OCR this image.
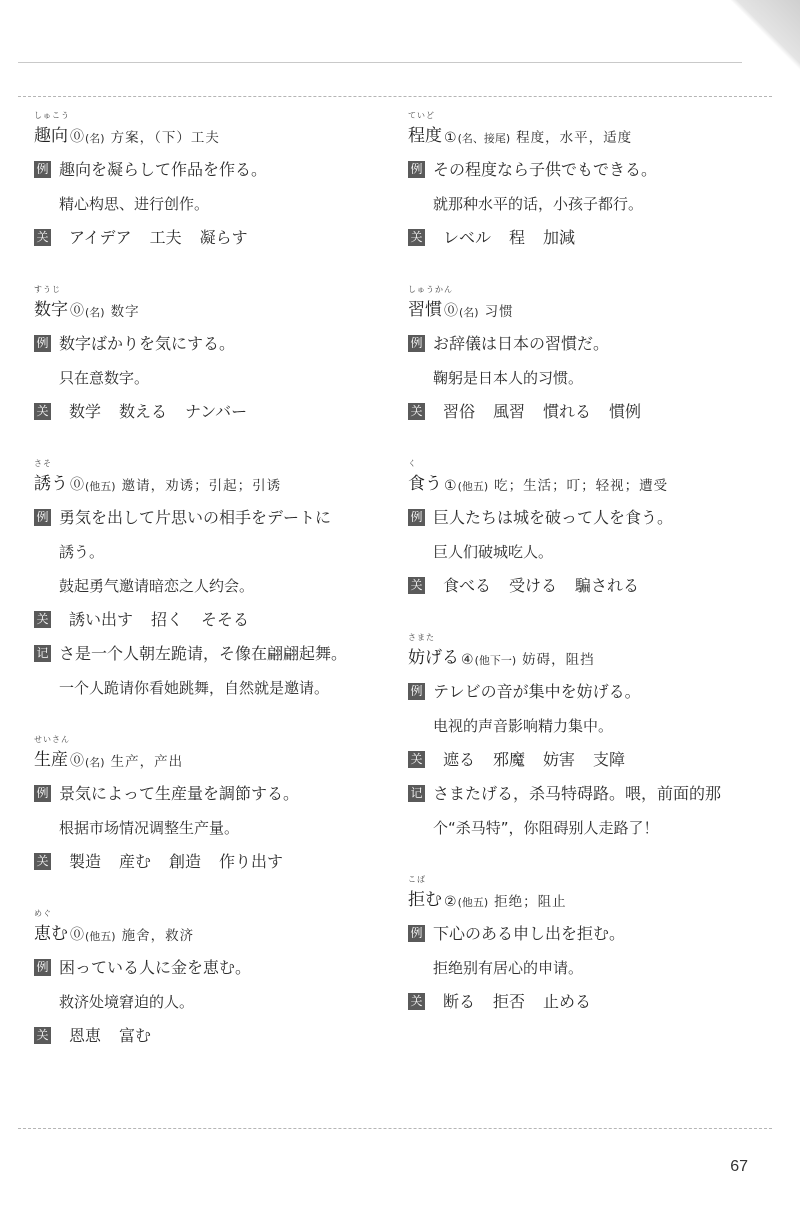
しゅこう
趣向 ⓪ (名) 方案，（下）工夫
例 趣向を凝らして作品を作る。
精心构思、进行创作。
关 アイデア 工夫 凝らす
すうじ
数字 ⓪ (名) 数字
例 数字ばかりを気にする。
只在意数字。
关 数学 数える ナンバー
さそ
誘う ⓪ (他五) 邀请，劝诱；引起；引诱
例 勇気を出して片思いの相手をデートに
誘う。
鼓起勇气邀请暗恋之人约会。
关 誘い出す 招く そそる
记 さ是一个人朝左跪请，そ像在翩翩起舞。
一个人跪请你看她跳舞，自然就是邀请。
せいさん
生産 ⓪ (名) 生产，产出
例 景気によって生産量を調節する。
根据市场情况调整生产量。
关 製造 産む 創造 作り出す
めぐ
恵む ⓪ (他五) 施舍，救济
例 困っている人に金を恵む。
救济处境窘迫的人。
关 恩恵 富む
ていど
程度 ① (名、接尾) 程度，水平，适度
例 その程度なら子供でもできる。
就那种水平的话，小孩子都行。
关 レベル 程 加減
しゅうかん
習慣 ⓪ (名) 习惯
例 お辞儀は日本の習慣だ。
鞠躬是日本人的习惯。
关 習俗 風習 慣れる 慣例
く
食う ① (他五) 吃；生活；叮；轻视；遭受
例 巨人たちは城を破って人を食う。
巨人们破城吃人。
关 食べる 受ける 騙される
さまた
妨げる ④ (他下一) 妨碍，阻挡
例 テレビの音が集中を妨げる。
电视的声音影响精力集中。
关 遮る 邪魔 妨害 支障
记 さまたげる，杀马特碍路。喂，前面的那
个“杀马特”，你阻碍别人走路了！
こば
拒む ② (他五) 拒绝；阻止
例 下心のある申し出を拒む。
拒绝别有居心的申请。
关 断る 拒否 止める
67
